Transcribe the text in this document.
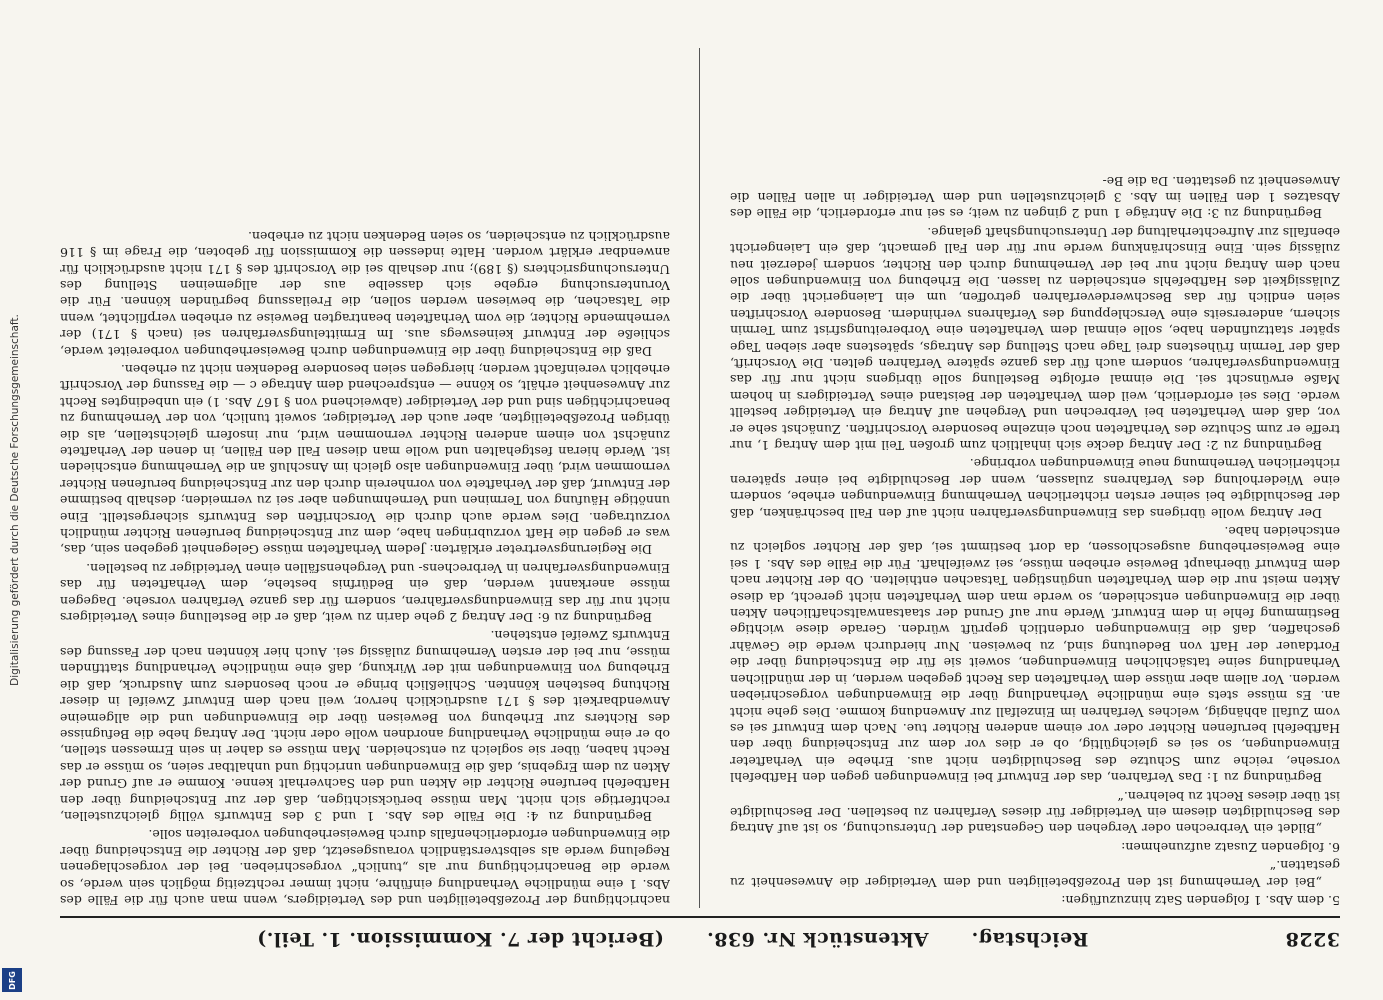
3228
Reichstag.      Aktenstück Nr. 638.      (Bericht der 7. Kommission. 1. Teil.)

5. dem Abs. 1 folgenden Satz hinzuzufügen:

„Bei der Vernehmung ist den Prozeßbeteiligten und dem Verteidiger die Anwesenheit zu gestatten.“

6. folgenden Zusatz aufzunehmen:

„Bildet ein Verbrechen oder Vergehen den Gegenstand der Untersuchung, so ist auf Antrag des Beschuldigten diesem ein Verteidiger für dieses Verfahren zu bestellen. Der Beschuldigte ist über dieses Recht zu belehren.“

Begründung zu 1: Das Verfahren, das der Entwurf bei Einwendungen gegen den Haftbefehl vorsehe, reiche zum Schutze des Beschuldigten nicht aus. Erhebe ein Verhafteter Einwendungen, so sei es gleichgültig, ob er dies vor dem zur Entscheidung über den Haftbefehl berufenen Richter oder vor einem anderen Richter tue. Nach dem Entwurf sei es vom Zufall abhängig, welches Verfahren im Einzelfall zur Anwendung komme. Dies gehe nicht an. Es müsse stets eine mündliche Verhandlung über die Einwendungen vorgeschrieben werden. Vor allem aber müsse dem Verhafteten das Recht gegeben werden, in der mündlichen Verhandlung seine tatsächlichen Einwendungen, soweit sie für die Entscheidung über die Fortdauer der Haft von Bedeutung sind, zu beweisen. Nur hierdurch werde die Gewähr geschaffen, daß die Einwendungen ordentlich geprüft würden. Gerade diese wichtige Bestimmung fehle in dem Entwurf. Werde nur auf Grund der staatsanwaltschaftlichen Akten über die Einwendungen entschieden, so werde man dem Verhafteten nicht gerecht, da diese Akten meist nur die dem Verhafteten ungünstigen Tatsachen enthielten. Ob der Richter nach dem Entwurf überhaupt Beweise erheben müsse, sei zweifelhaft. Für die Fälle des Abs. 1 sei eine Beweiserhebung ausgeschlossen, da dort bestimmt sei, daß der Richter sogleich zu entscheiden habe.

Der Antrag wolle übrigens das Einwendungsverfahren nicht auf den Fall beschränken, daß der Beschuldigte bei seiner ersten richterlichen Vernehmung Einwendungen erhebe, sondern eine Wiederholung des Verfahrens zulassen, wenn der Beschuldigte bei einer späteren richterlichen Vernehmung neue Einwendungen vorbringe.

Begründung zu 2: Der Antrag decke sich inhaltlich zum großen Teil mit dem Antrag 1, nur treffe er zum Schutze des Verhafteten noch einzelne besondere Vorschriften. Zunächst sehe er vor, daß dem Verhafteten bei Verbrechen und Vergehen auf Antrag ein Verteidiger bestellt werde. Dies sei erforderlich, weil dem Verhafteten der Beistand eines Verteidigers in hohem Maße erwünscht sei. Die einmal erfolgte Bestellung solle übrigens nicht nur für das Einwendungsverfahren, sondern auch für das ganze spätere Verfahren gelten. Die Vorschrift, daß der Termin frühestens drei Tage nach Stellung des Antrags, spätestens aber sieben Tage später stattzufinden habe, solle einmal dem Verhafteten eine Vorbereitungsfrist zum Termin sichern, andererseits eine Verschleppung des Verfahrens verhindern. Besondere Vorschriften seien endlich für das Beschwerdeverfahren getroffen, um ein Laiengericht über die Zulässigkeit des Haftbefehls entscheiden zu lassen. Die Erhebung von Einwendungen solle nach dem Antrag nicht nur bei der Vernehmung durch den Richter, sondern jederzeit neu zulässig sein. Eine Einschränkung werde nur für den Fall gemacht, daß ein Laiengericht ebenfalls zur Aufrechterhaltung der Untersuchungshaft gelange.

Begründung zu 3: Die Anträge 1 und 2 gingen zu weit; es sei nur erforderlich, die Fälle des Absatzes 1 den Fällen im Abs. 3 gleichzustellen und dem Verteidiger in allen Fällen die Anwesenheit zu gestatten. Da die Be-

nachrichtigung der Prozeßbeteiligten und des Verteidigers, wenn man auch für die Fälle des Abs. 1 eine mündliche Verhandlung einführe, nicht immer rechtzeitig möglich sein werde, so werde die Benachrichtigung nur als „tunlich“ vorgeschrieben. Bei der vorgeschlagenen Regelung werde als selbstverständlich vorausgesetzt, daß der Richter die Entscheidung über die Einwendungen erforderlichenfalls durch Beweiserhebungen vorbereiten solle.

Begründung zu 4: Die Fälle des Abs. 1 und 3 des Entwurfs völlig gleichzustellen, rechtfertige sich nicht. Man müsse berücksichtigen, daß der zur Entscheidung über den Haftbefehl berufene Richter die Akten und den Sachverhalt kenne. Komme er auf Grund der Akten zu dem Ergebnis, daß die Einwendungen unrichtig und unhaltbar seien, so müsse er das Recht haben, über sie sogleich zu entscheiden. Man müsse es daher in sein Ermessen stellen, ob er eine mündliche Verhandlung anordnen wolle oder nicht. Der Antrag hebe die Befugnisse des Richters zur Erhebung von Beweisen über die Einwendungen und die allgemeine Anwendbarkeit des § 171 ausdrücklich hervor, weil nach dem Entwurf Zweifel in dieser Richtung bestehen könnten. Schließlich bringe er noch besonders zum Ausdruck, daß die Erhebung von Einwendungen mit der Wirkung, daß eine mündliche Verhandlung stattfinden müsse, nur bei der ersten Vernehmung zulässig sei. Auch hier könnten nach der Fassung des Entwurfs Zweifel entstehen.

Begründung zu 6: Der Antrag 2 gehe darin zu weit, daß er die Bestellung eines Verteidigers nicht nur für das Einwendungsverfahren, sondern für das ganze Verfahren vorsehe. Dagegen müsse anerkannt werden, daß ein Bedürfnis bestehe, dem Verhafteten für das Einwendungsverfahren in Verbrechens- und Vergehensfällen einen Verteidiger zu bestellen.

Die Regierungsvertreter erklärten: Jedem Verhafteten müsse Gelegenheit gegeben sein, das, was er gegen die Haft vorzubringen habe, dem zur Entscheidung berufenen Richter mündlich vorzutragen. Dies werde auch durch die Vorschriften des Entwurfs sichergestellt. Eine unnötige Häufung von Terminen und Vernehmungen aber sei zu vermeiden; deshalb bestimme der Entwurf, daß der Verhaftete von vornherein durch den zur Entscheidung berufenen Richter vernommen wird, über Einwendungen also gleich im Anschluß an die Vernehmung entschieden ist. Werde hieran festgehalten und wolle man diesen Fall den Fällen, in denen der Verhaftete zunächst von einem anderen Richter vernommen wird, nur insofern gleichstellen, als die übrigen Prozeßbeteiligten, aber auch der Verteidiger, soweit tunlich, von der Vernehmung zu benachrichtigen sind und der Verteidiger (abweichend von § 167 Abs. 1) ein unbedingtes Recht zur Anwesenheit erhält, so könne — entsprechend dem Antrage c — die Fassung der Vorschrift erheblich vereinfacht werden; hiergegen seien besondere Bedenken nicht zu erheben.

Daß die Entscheidung über die Einwendungen durch Beweiserhebungen vorbereitet werde, schließe der Entwurf keineswegs aus. Im Ermittelungsverfahren sei (nach § 171) der vernehmende Richter, die vom Verhafteten beantragten Beweise zu erheben verpflichtet, wenn die Tatsachen, die bewiesen werden sollen, die Freilassung begründen können. Für die Voruntersuchung ergebe sich dasselbe aus der allgemeinen Stellung des Untersuchungsrichters (§ 189); nur deshalb sei die Vorschrift des § 171 nicht ausdrücklich für anwendbar erklärt worden. Halte indessen die Kommission für geboten, die Frage im § 116 ausdrücklich zu entscheiden, so seien Bedenken nicht zu erheben.

Digitalisierung gefördert durch die Deutsche Forschungsgemeinschaft.
DFG
